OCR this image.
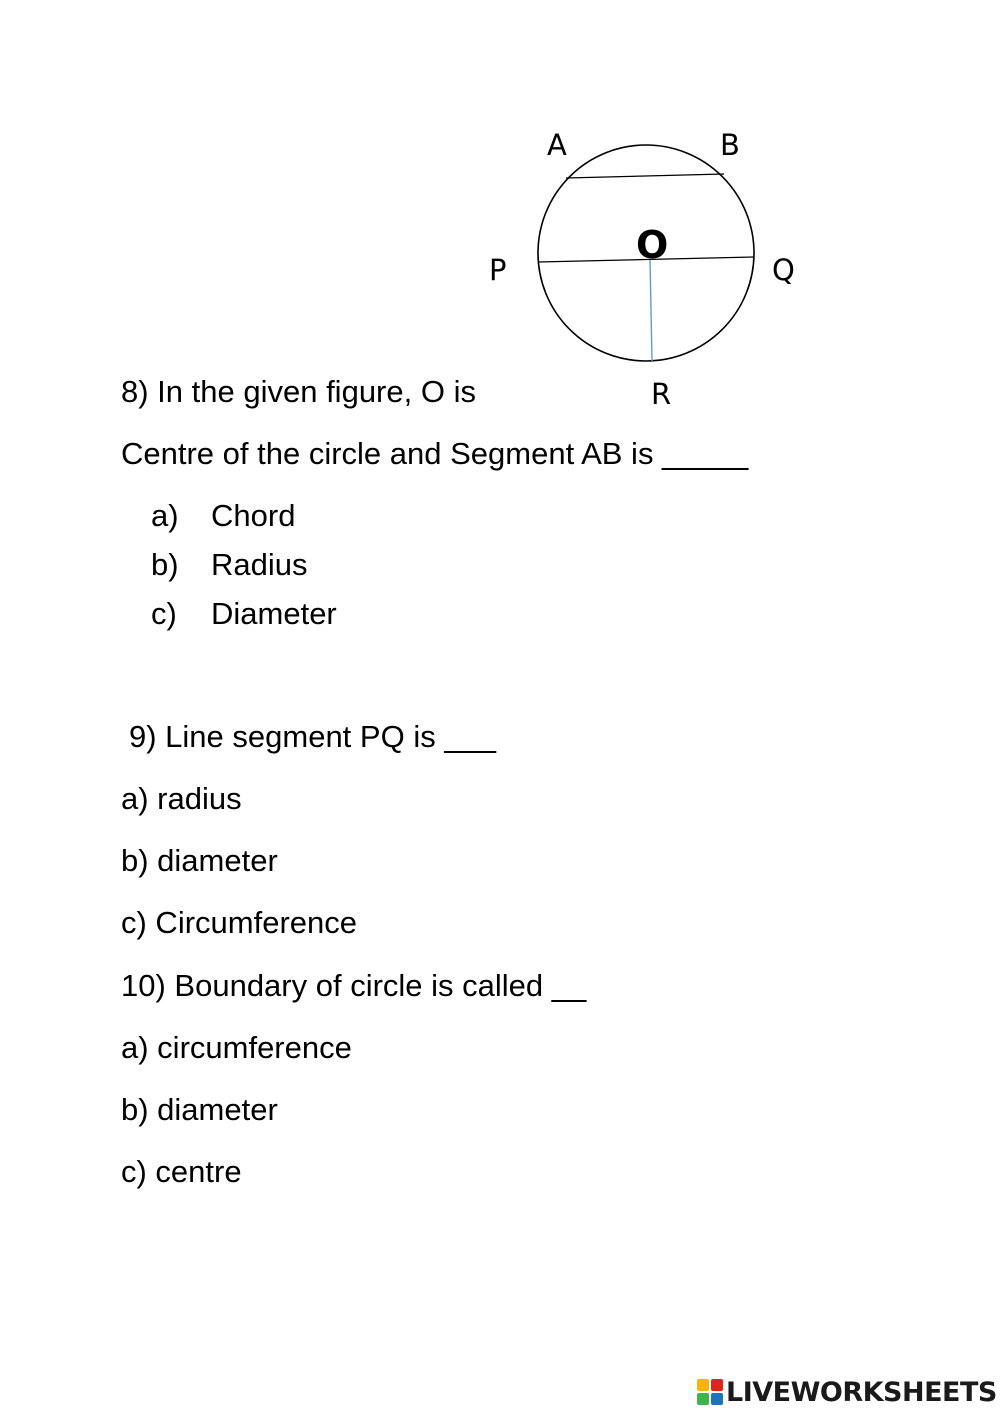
A	B
O
P	Q
R
8) In the given figure, O is
Centre of the circle and Segment AB is _____
a) Chord
b) Radius
c) Diameter
9) Line segment PQ is ___
a) radius
b) diameter
c) Circumference
10) Boundary of circle is called __
a) circumference
b) diameter
c) centre
LIVEWORKSHEETS
